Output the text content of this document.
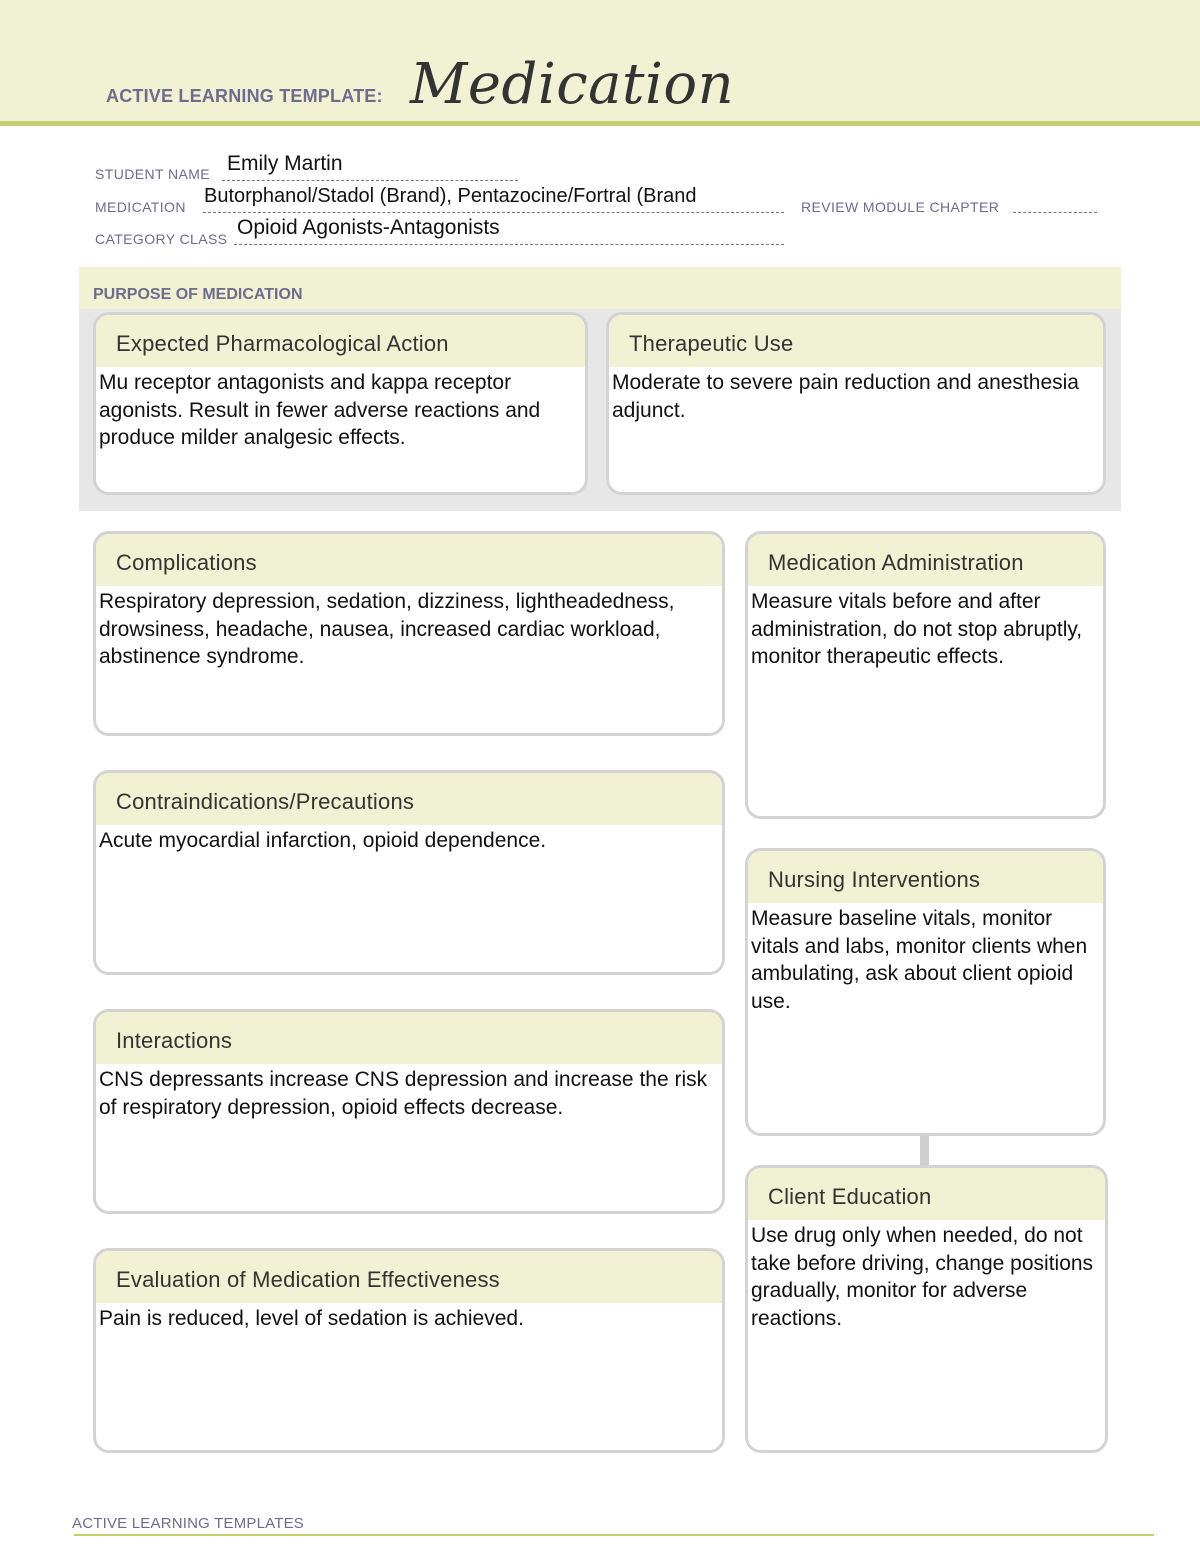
ACTIVE LEARNING TEMPLATE: Medication
STUDENT NAME Emily Martin
MEDICATION Butorphanol/Stadol (Brand), Pentazocine/Fortral (Brand	REVIEW MODULE CHAPTER
CATEGORY CLASS Opioid Agonists-Antagonists
PURPOSE OF MEDICATION
Expected Pharmacological Action
Mu receptor antagonists and kappa receptor agonists. Result in fewer adverse reactions and produce milder analgesic effects.
Therapeutic Use
Moderate to severe pain reduction and anesthesia adjunct.
Complications
Respiratory depression, sedation, dizziness, lightheadedness, drowsiness, headache, nausea, increased cardiac workload, abstinence syndrome.
Contraindications/Precautions
Acute myocardial infarction, opioid dependence.
Interactions
CNS depressants increase CNS depression and increase the risk of respiratory depression, opioid effects decrease.
Evaluation of Medication Effectiveness
Pain is reduced, level of sedation is achieved.
Medication Administration
Measure vitals before and after administration, do not stop abruptly, monitor therapeutic effects.
Nursing Interventions
Measure baseline vitals, monitor vitals and labs, monitor clients when ambulating, ask about client opioid use.
Client Education
Use drug only when needed, do not take before driving, change positions gradually, monitor for adverse reactions.
ACTIVE LEARNING TEMPLATES
